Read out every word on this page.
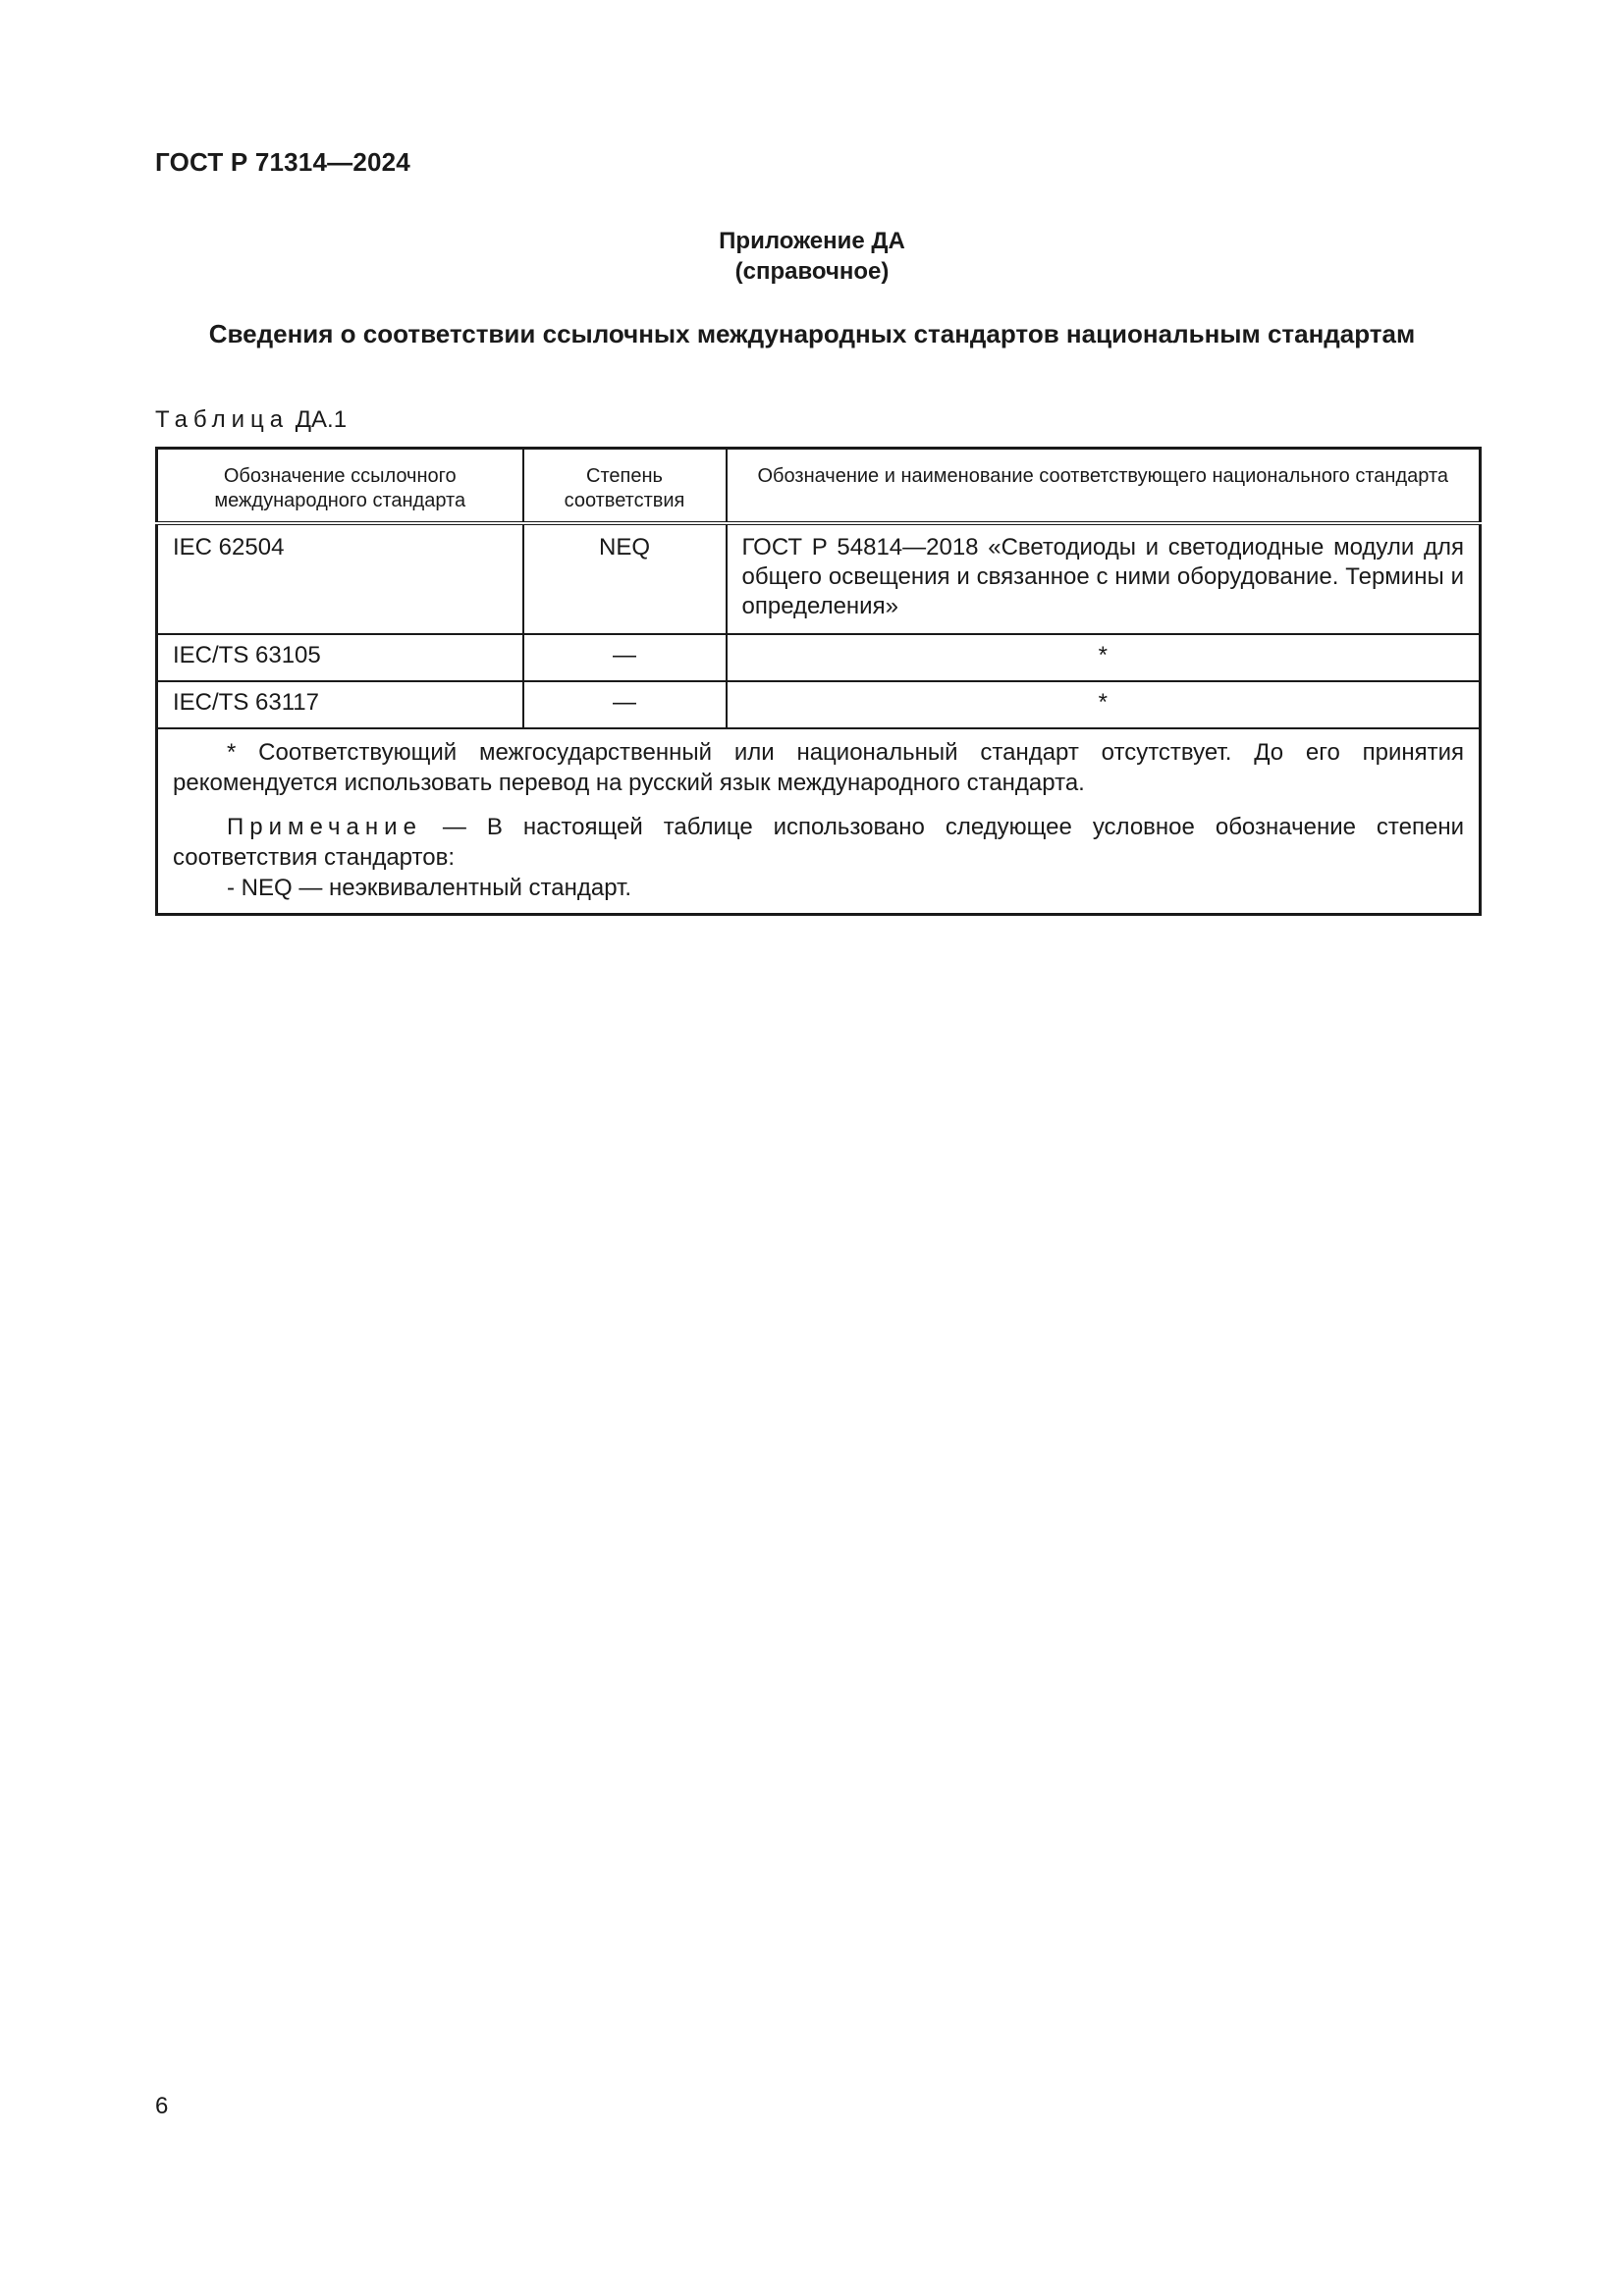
ГОСТ Р 71314—2024
Приложение ДА
(справочное)
Сведения о соответствии ссылочных международных стандартов национальным стандартам
Таблица ДА.1
Обозначение ссылочного международного стандарта	Степень соответствия	Обозначение и наименование соответствующего национального стандарта
IEC 62504	NEQ	ГОСТ Р 54814—2018 «Светодиоды и светодиодные модули для общего освещения и связанное с ними оборудование. Термины и определения»
IEC/TS 63105	—	*
IEC/TS 63117	—	*

* Соответствующий межгосударственный или национальный стандарт отсутствует. До его принятия рекомендуется использовать перевод на русский язык международного стандарта.

Примечание — В настоящей таблице использовано следующее условное обозначение степени соответствия стандартов:

- NEQ — неэквивалентный стандарт.		

6
